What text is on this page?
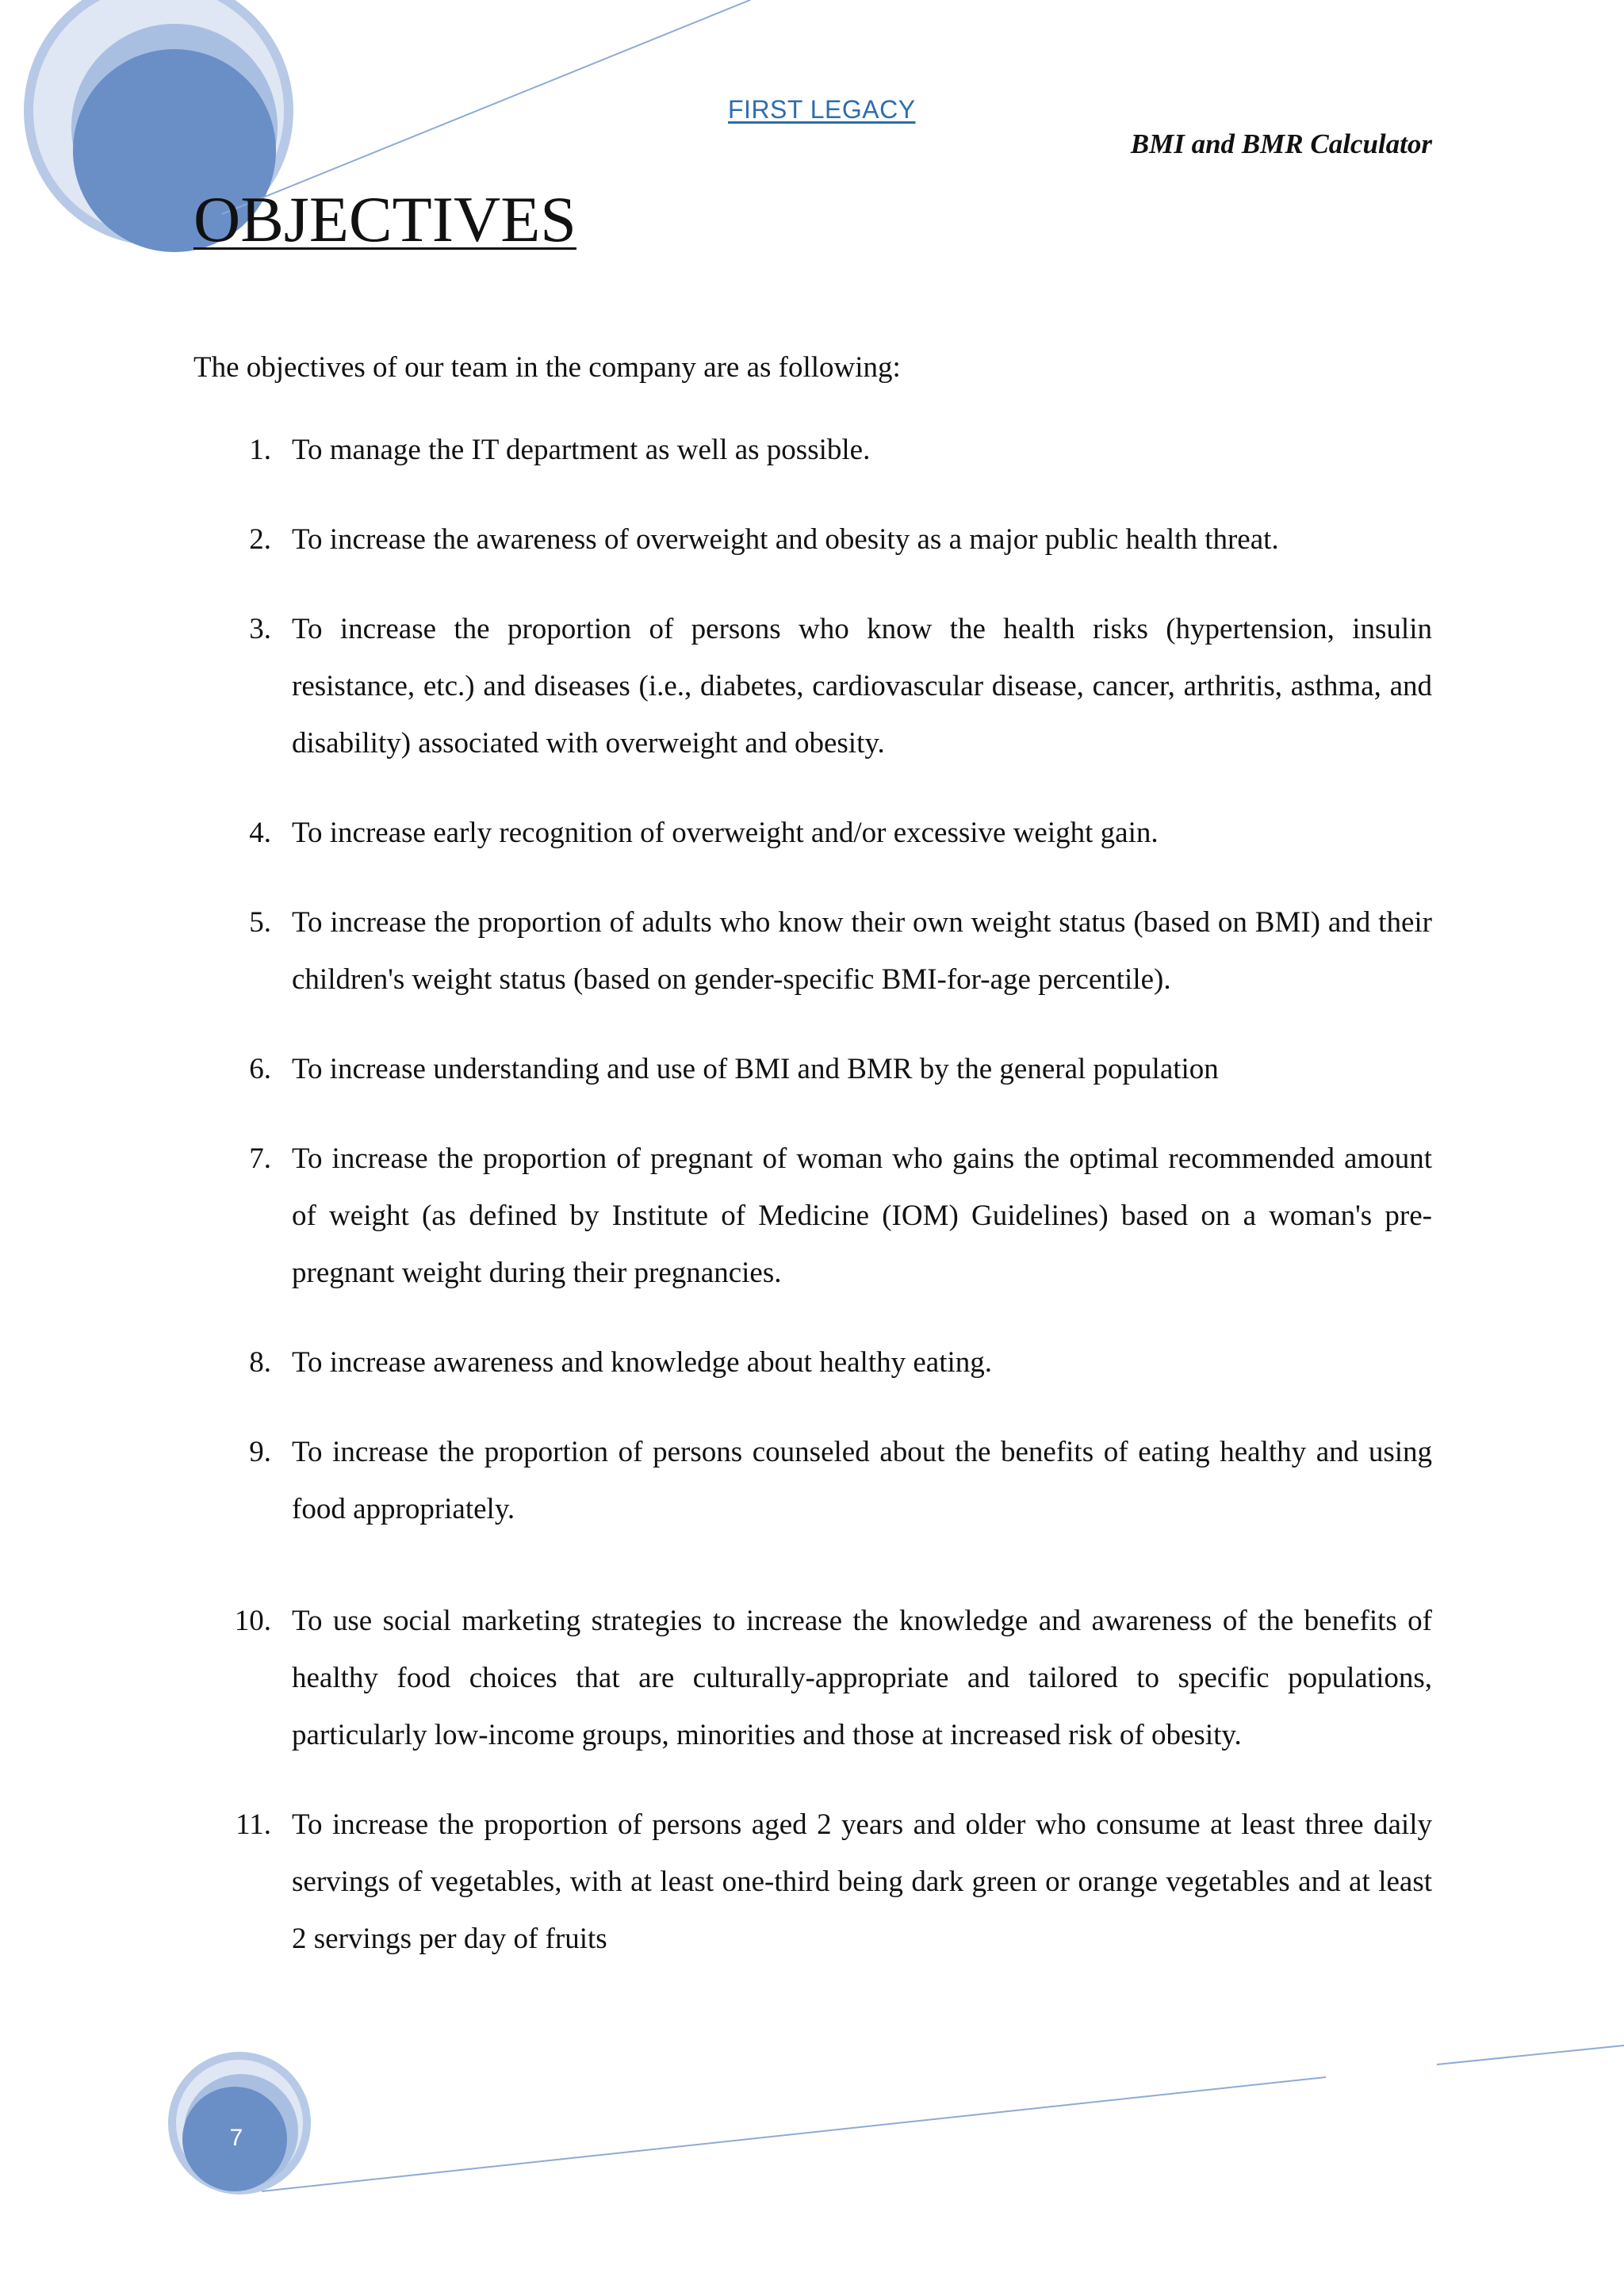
FIRST LEGACY
BMI and BMR Calculator
OBJECTIVES

The objectives of our team in the company are as following:

1. To manage the IT department as well as possible.
2. To increase the awareness of overweight and obesity as a major public health threat.
3. To increase the proportion of persons who know the health risks (hypertension, insulin resistance, etc.) and diseases (i.e., diabetes, cardiovascular disease, cancer, arthritis, asthma, and disability) associated with overweight and obesity.
4. To increase early recognition of overweight and/or excessive weight gain.
5. To increase the proportion of adults who know their own weight status (based on BMI) and their children's weight status (based on gender-specific BMI-for-age percentile).
6. To increase understanding and use of BMI and BMR by the general population
7. To increase the proportion of pregnant of woman who gains the optimal recommended amount of weight (as defined by Institute of Medicine (IOM) Guidelines) based on a woman's pre-pregnant weight during their pregnancies.
8. To increase awareness and knowledge about healthy eating.
9. To increase the proportion of persons counseled about the benefits of eating healthy and using food appropriately.
10. To use social marketing strategies to increase the knowledge and awareness of the benefits of healthy food choices that are culturally-appropriate and tailored to specific populations, particularly low-income groups, minorities and those at increased risk of obesity.
11. To increase the proportion of persons aged 2 years and older who consume at least three daily servings of vegetables, with at least one-third being dark green or orange vegetables and at least 2 servings per day of fruits
7
